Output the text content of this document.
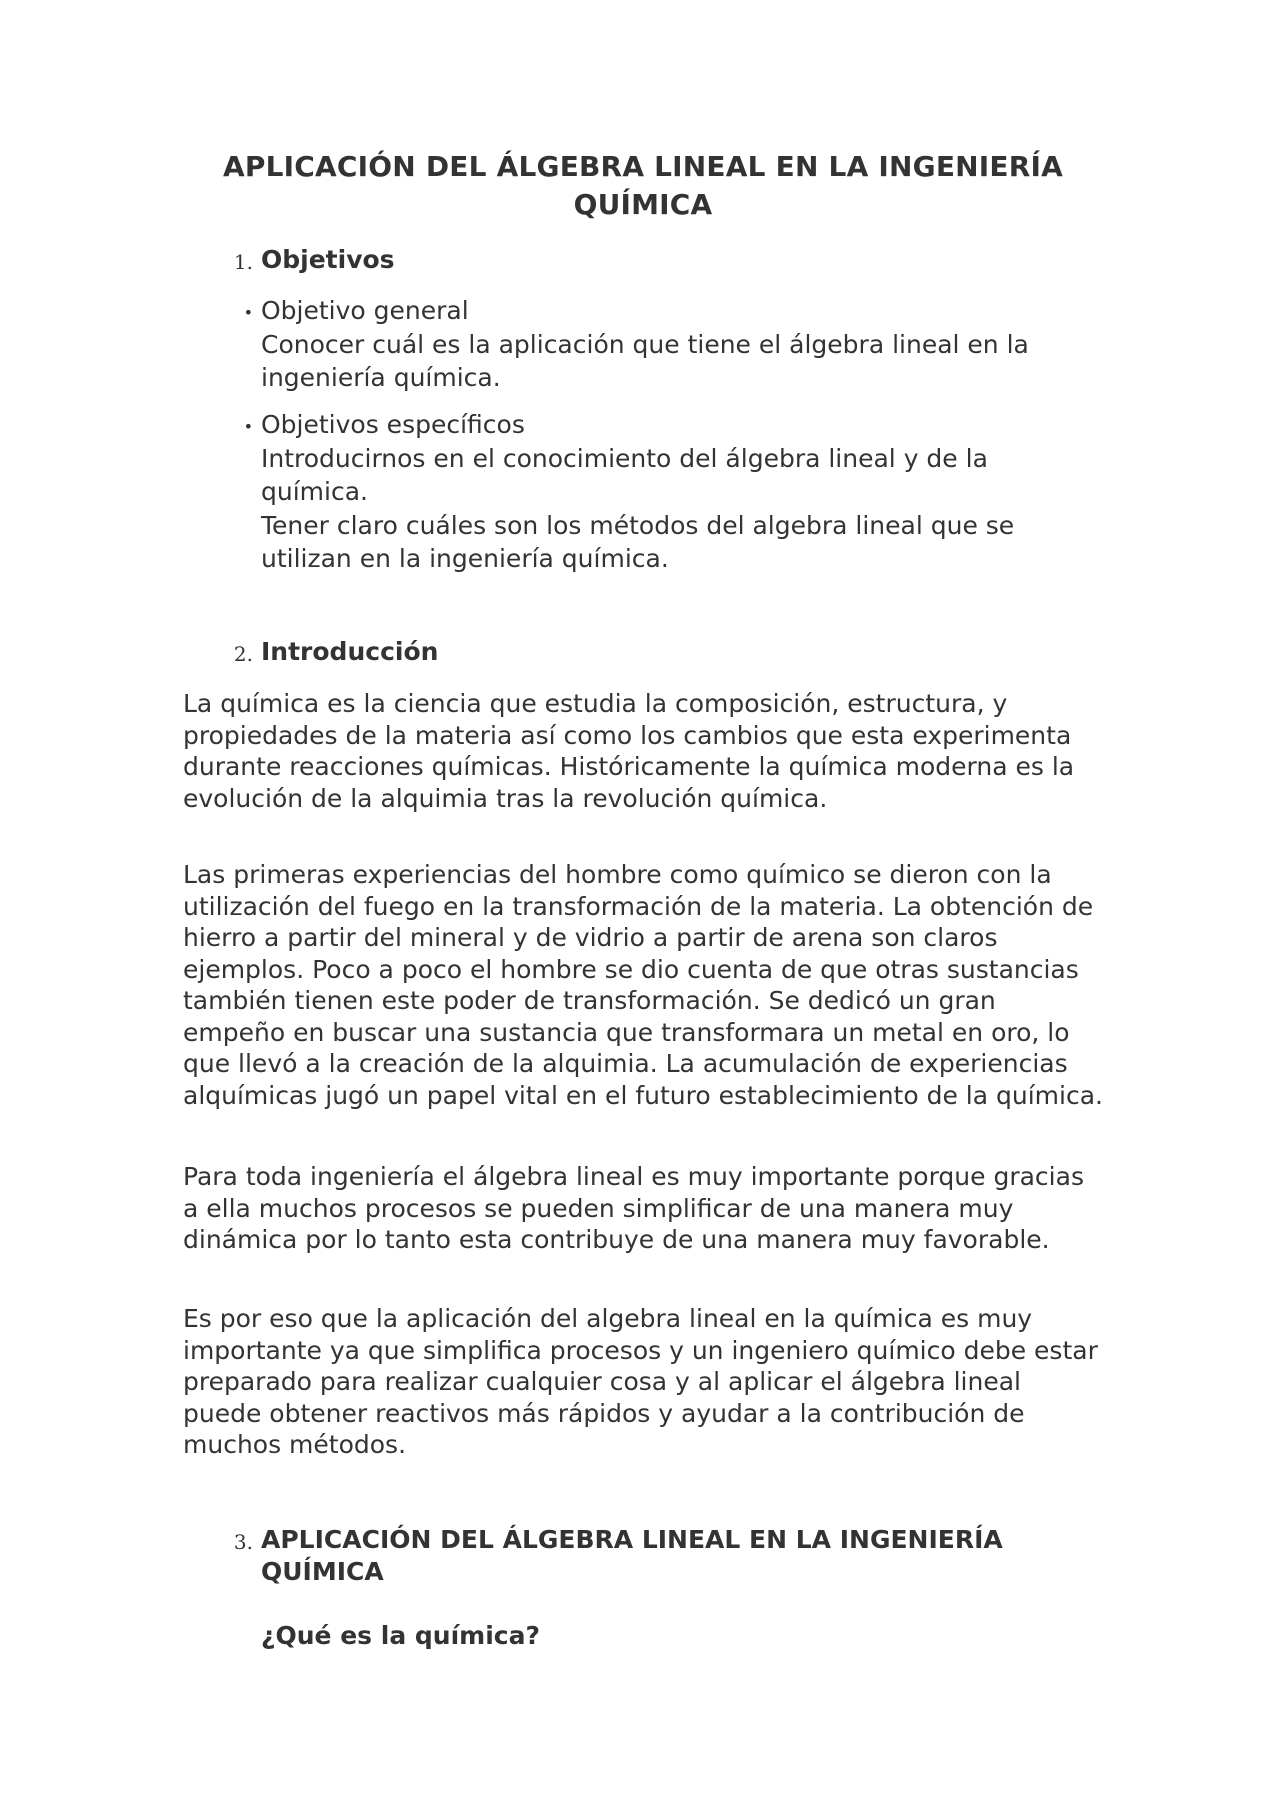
APLICACIÓN DEL ÁLGEBRA LINEAL EN LA INGENIERÍA QUÍMICA
1. Objetivos
• Objetivo general
Conocer cuál es la aplicación que tiene el álgebra lineal en la ingeniería química.
• Objetivos específicos
Introducirnos en el conocimiento del álgebra lineal y de la química.
Tener claro cuáles son los métodos del algebra lineal que se utilizan en la ingeniería química.
2. Introducción

La química es la ciencia que estudia la composición, estructura, y propiedades de la materia así como los cambios que esta experimenta durante reacciones químicas. Históricamente la química moderna es la evolución de la alquimia tras la revolución química.

Las primeras experiencias del hombre como químico se dieron con la utilización del fuego en la transformación de la materia. La obtención de hierro a partir del mineral y de vidrio a partir de arena son claros ejemplos. Poco a poco el hombre se dio cuenta de que otras sustancias también tienen este poder de transformación. Se dedicó un gran empeño en buscar una sustancia que transformara un metal en oro, lo que llevó a la creación de la alquimia. La acumulación de experiencias alquímicas jugó un papel vital en el futuro establecimiento de la química.

Para toda ingeniería el álgebra lineal es muy importante porque gracias a ella muchos procesos se pueden simplificar de una manera muy dinámica por lo tanto esta contribuye de una manera muy favorable.

Es por eso que la aplicación del algebra lineal en la química es muy importante ya que simplifica procesos y un ingeniero químico debe estar preparado para realizar cualquier cosa y al aplicar el álgebra lineal puede obtener reactivos más rápidos y ayudar a la contribución de muchos métodos.

3. APLICACIÓN DEL ÁLGEBRA LINEAL EN LA INGENIERÍA QUÍMICA
¿Qué es la química?
